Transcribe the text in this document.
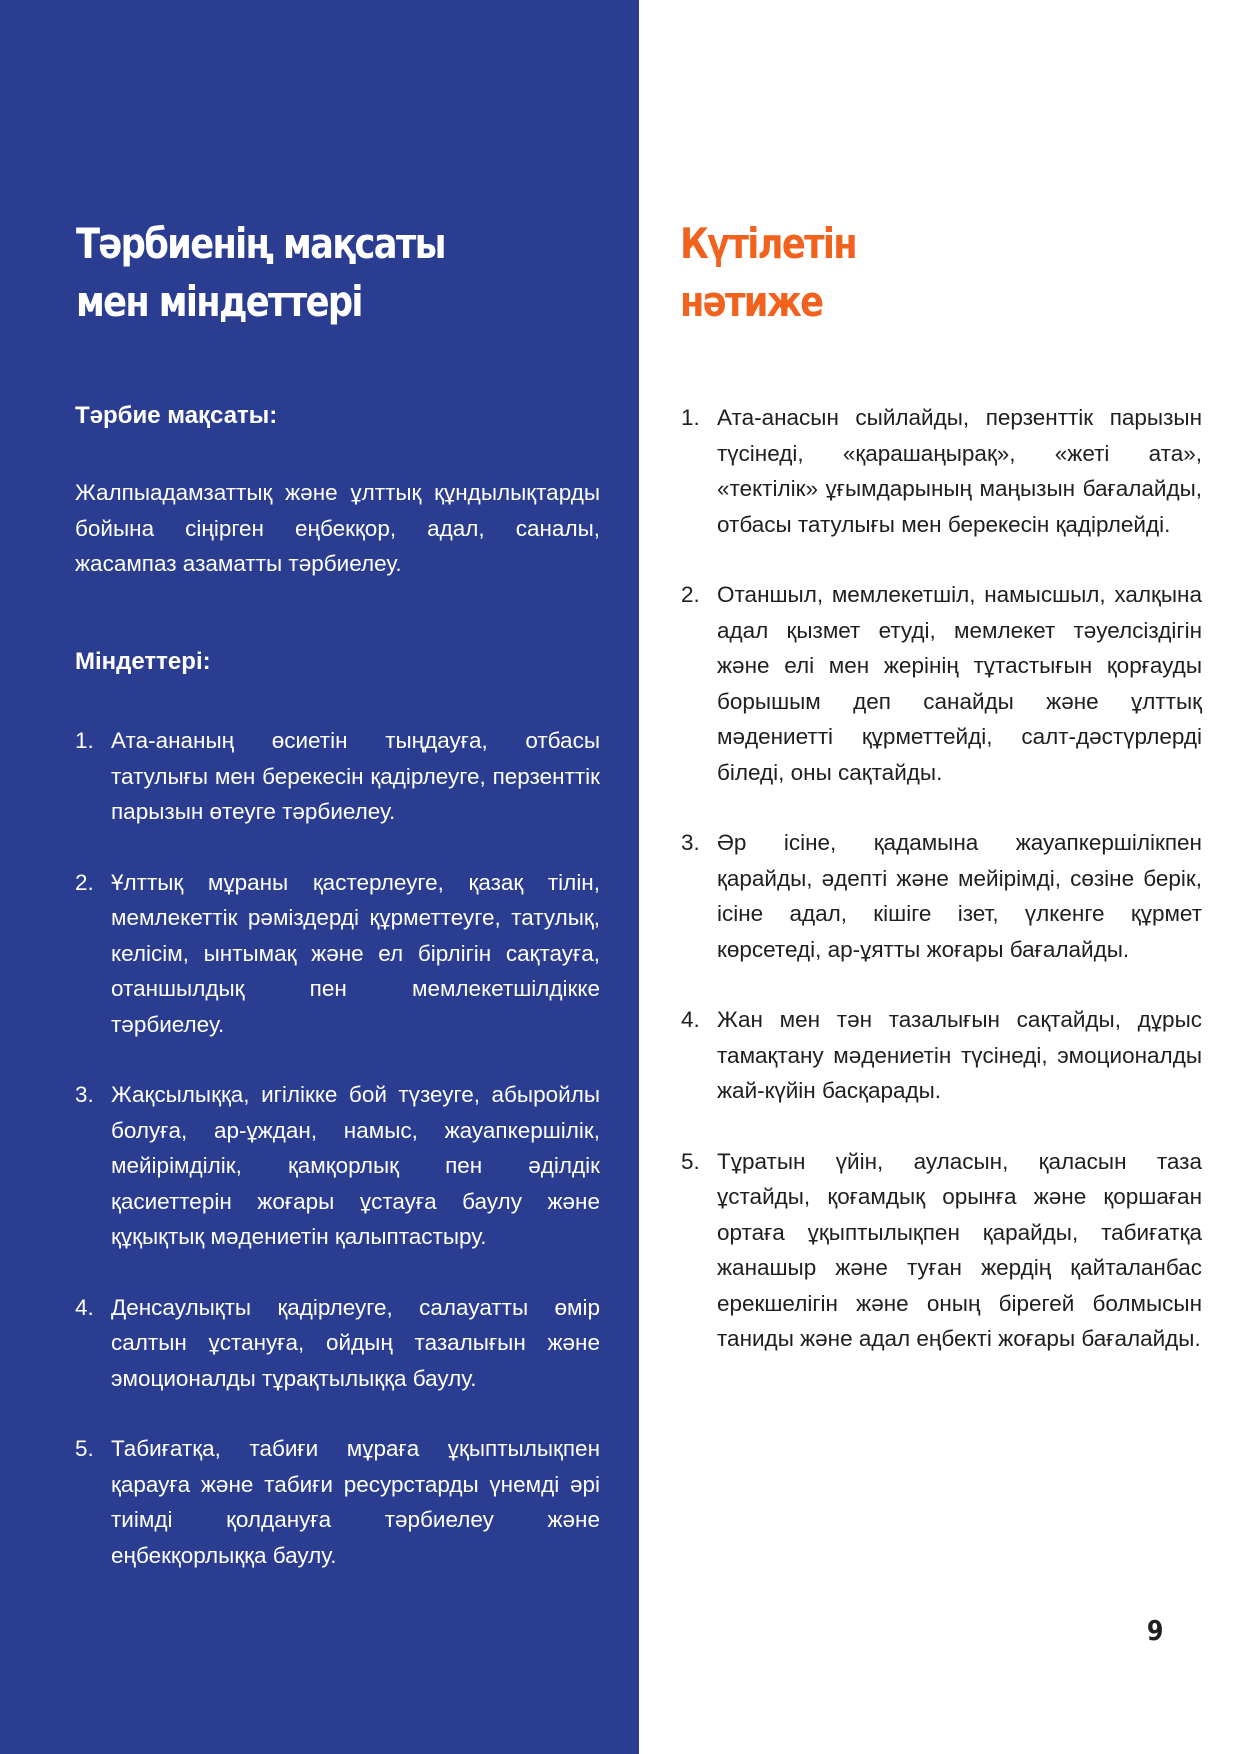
Тәрбиенің мақсаты
мен міндеттері
Тәрбие мақсаты:

Жалпыадамзаттық және ұлттық құндылықтарды бойына сіңірген еңбекқор, адал, саналы, жасампаз азаматты тәрбиелеу.

Міндеттері:
1. Ата-ананың өсиетін тыңдауға, отбасы татулығы мен берекесін қадірлеуге, перзенттік парызын өтеуге тәрбиелеу.
2. Ұлттық мұраны қастерлеуге, қазақ тілін, мемлекеттік рәміздерді құрметтеуге, татулық, келісім, ынтымақ және ел бірлігін сақтауға, отаншылдық пен мемлекетшілдікке тәрбиелеу.
3. Жақсылыққа, игілікке бой түзеуге, абыройлы болуға, ар-ұждан, намыс, жауапкершілік, мейірімділік, қамқорлық пен әділдік қасиеттерін жоғары ұстауға баулу және құқықтық мәдениетін қалыптастыру.
4. Денсаулықты қадірлеуге, салауатты өмір салтын ұстануға, ойдың тазалығын және эмоционалды тұрақтылыққа баулу.
5. Табиғатқа, табиғи мұраға ұқыптылықпен қарауға және табиғи ресурстарды үнемді әрі тиімді қолдануға тәрбиелеу және еңбекқорлыққа баулу.
Күтілетін
нәтиже
1. Ата-анасын сыйлайды, перзенттік парызын түсінеді, «қарашаңырақ», «жеті ата», «тектілік» ұғымдарының маңызын бағалайды, отбасы татулығы мен берекесін қадірлейді.
2. Отаншыл, мемлекетшіл, намысшыл, халқына адал қызмет етуді, мемлекет тәуелсіздігін және елі мен жерінің тұтастығын қорғауды борышым деп санайды және ұлттық мәдениетті құрметтейді, салт-дәстүрлерді біледі, оны сақтайды.
3. Әр ісіне, қадамына жауапкершілікпен қарайды, әдепті және мейірімді, сөзіне берік, ісіне адал, кішіге ізет, үлкенге құрмет көрсетеді, ар-ұятты жоғары бағалайды.
4. Жан мен тән тазалығын сақтайды, дұрыс тамақтану мәдениетін түсінеді, эмоционалды жай-күйін басқарады.
5. Тұратын үйін, ауласын, қаласын таза ұстайды, қоғамдық орынға және қоршаған ортаға ұқыптылықпен қарайды, табиғатқа жанашыр және туған жердің қайталанбас ерекшелігін және оның бірегей болмысын таниды және адал еңбекті жоғары бағалайды.
9
